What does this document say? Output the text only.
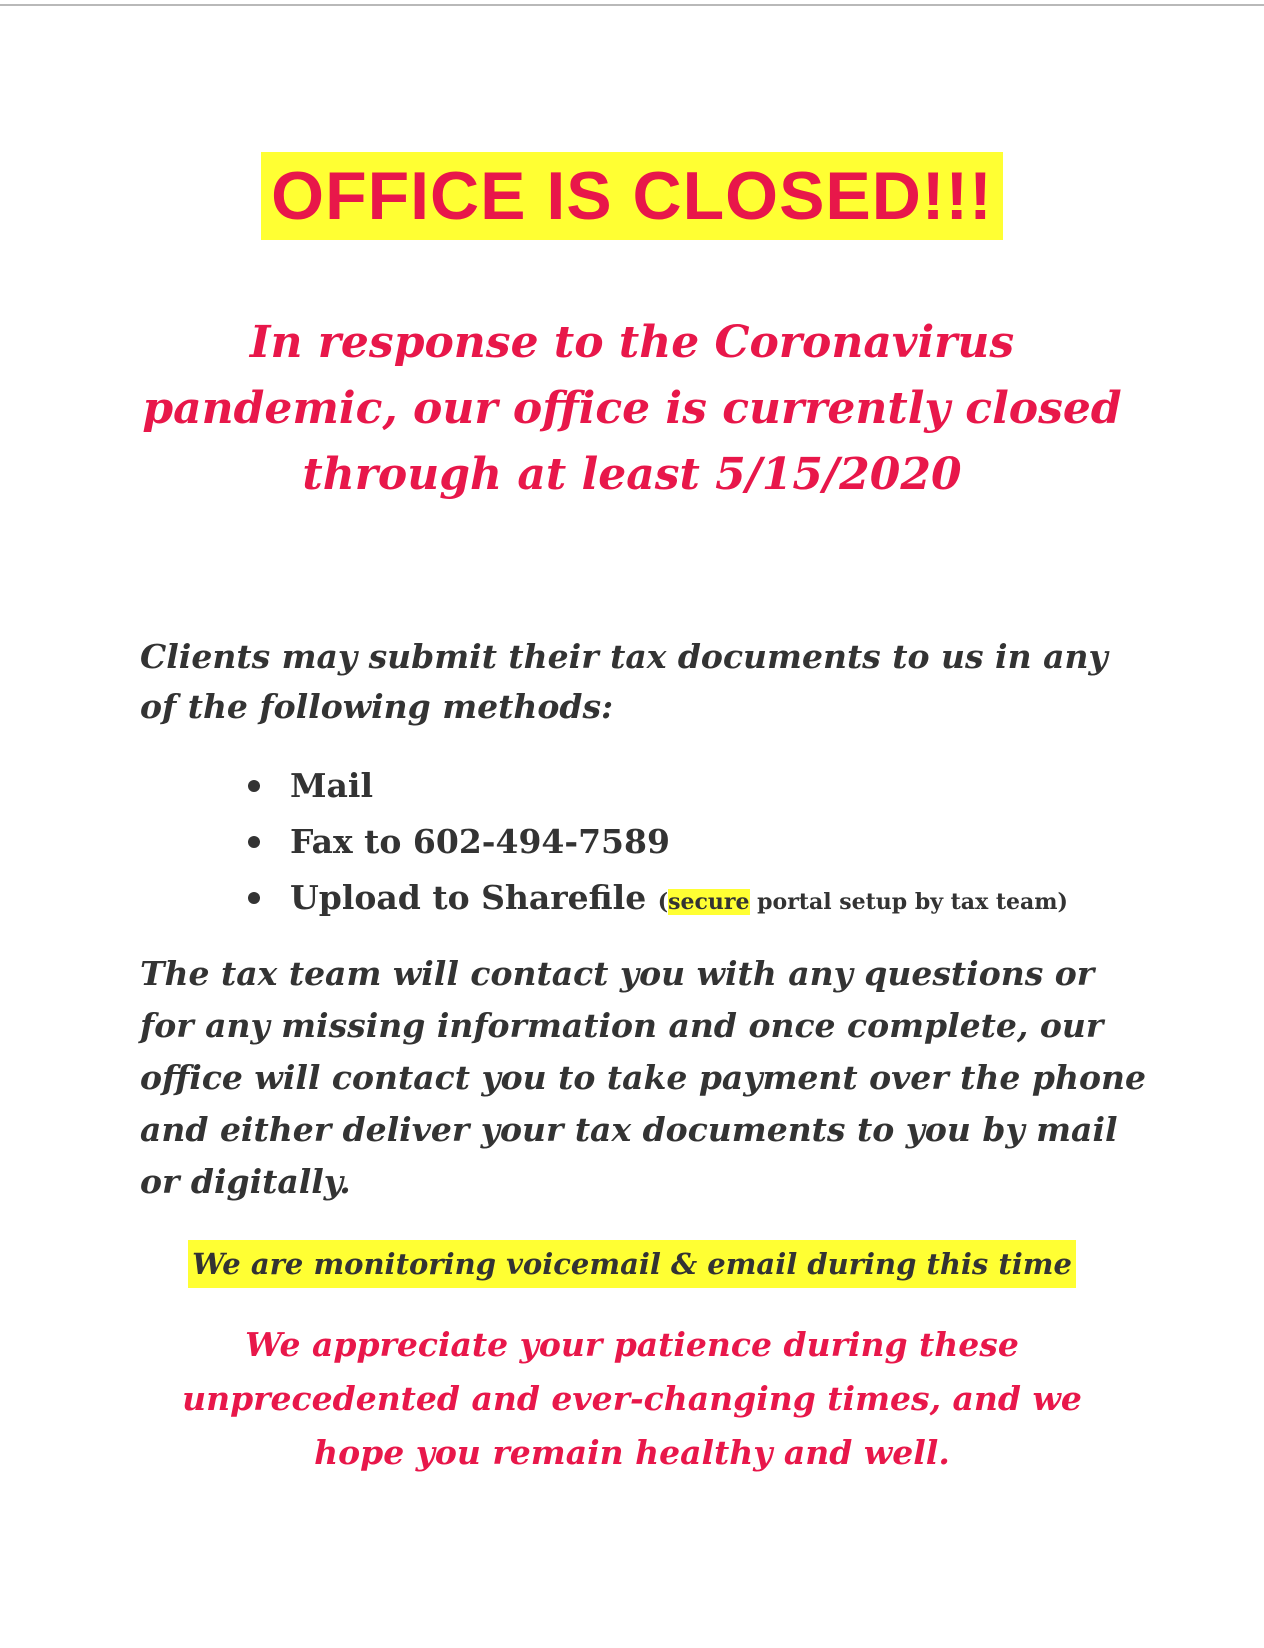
OFFICE IS CLOSED!!!

In response to the Coronavirus pandemic, our office is currently closed through at least 5/15/2020

Clients may submit their tax documents to us in any of the following methods:

Mail
Fax to 602-494-7589
Upload to Sharefile (secure portal setup by tax team)

The tax team will contact you with any questions or for any missing information and once complete, our office will contact you to take payment over the phone and either deliver your tax documents to you by mail or digitally.

We are monitoring voicemail & email during this time

We appreciate your patience during these unprecedented and ever-changing times, and we hope you remain healthy and well.
